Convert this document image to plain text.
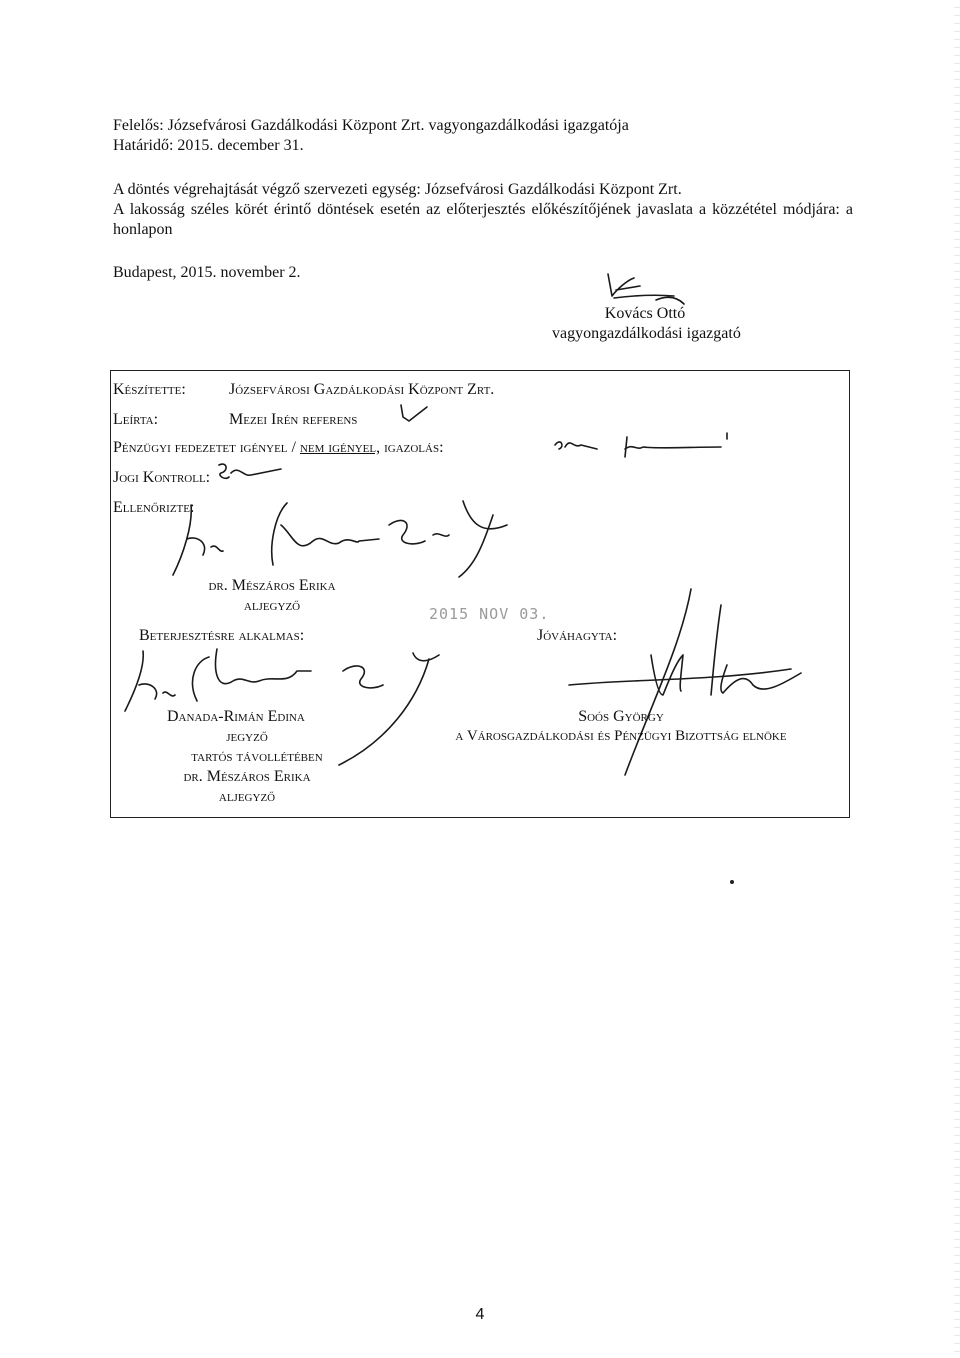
Felelős: Józsefvárosi Gazdálkodási Központ Zrt. vagyongazdálkodási igazgatója
Határidő: 2015. december 31.
A döntés végrehajtását végző szervezeti egység: Józsefvárosi Gazdálkodási Központ Zrt.
A lakosság széles körét érintő döntések esetén az előterjesztés előkészítőjének javaslata a közzététel módjára: a honlapon
Budapest, 2015. november 2.
Kovács Ottó
vagyongazdálkodási igazgató
Készítette:	Józsefvárosi Gazdálkodási Központ Zrt.
Leírta:	Mezei Irén referens
Pénzügyi fedezetet igényel / nem igényel, igazolás:
Jogi Kontroll:
Ellenőrizte:
dr. Mészáros Erika
aljegyző	2015 NOV 03.
Beterjesztésre alkalmas:	Jóváhagyta:
Danada-Rimán Edina
jegyző
tartós távollétében
dr. Mészáros Erika
aljegyző
Soós György
a Városgazdálkodási és Pénzügyi Bizottság elnöke
4
